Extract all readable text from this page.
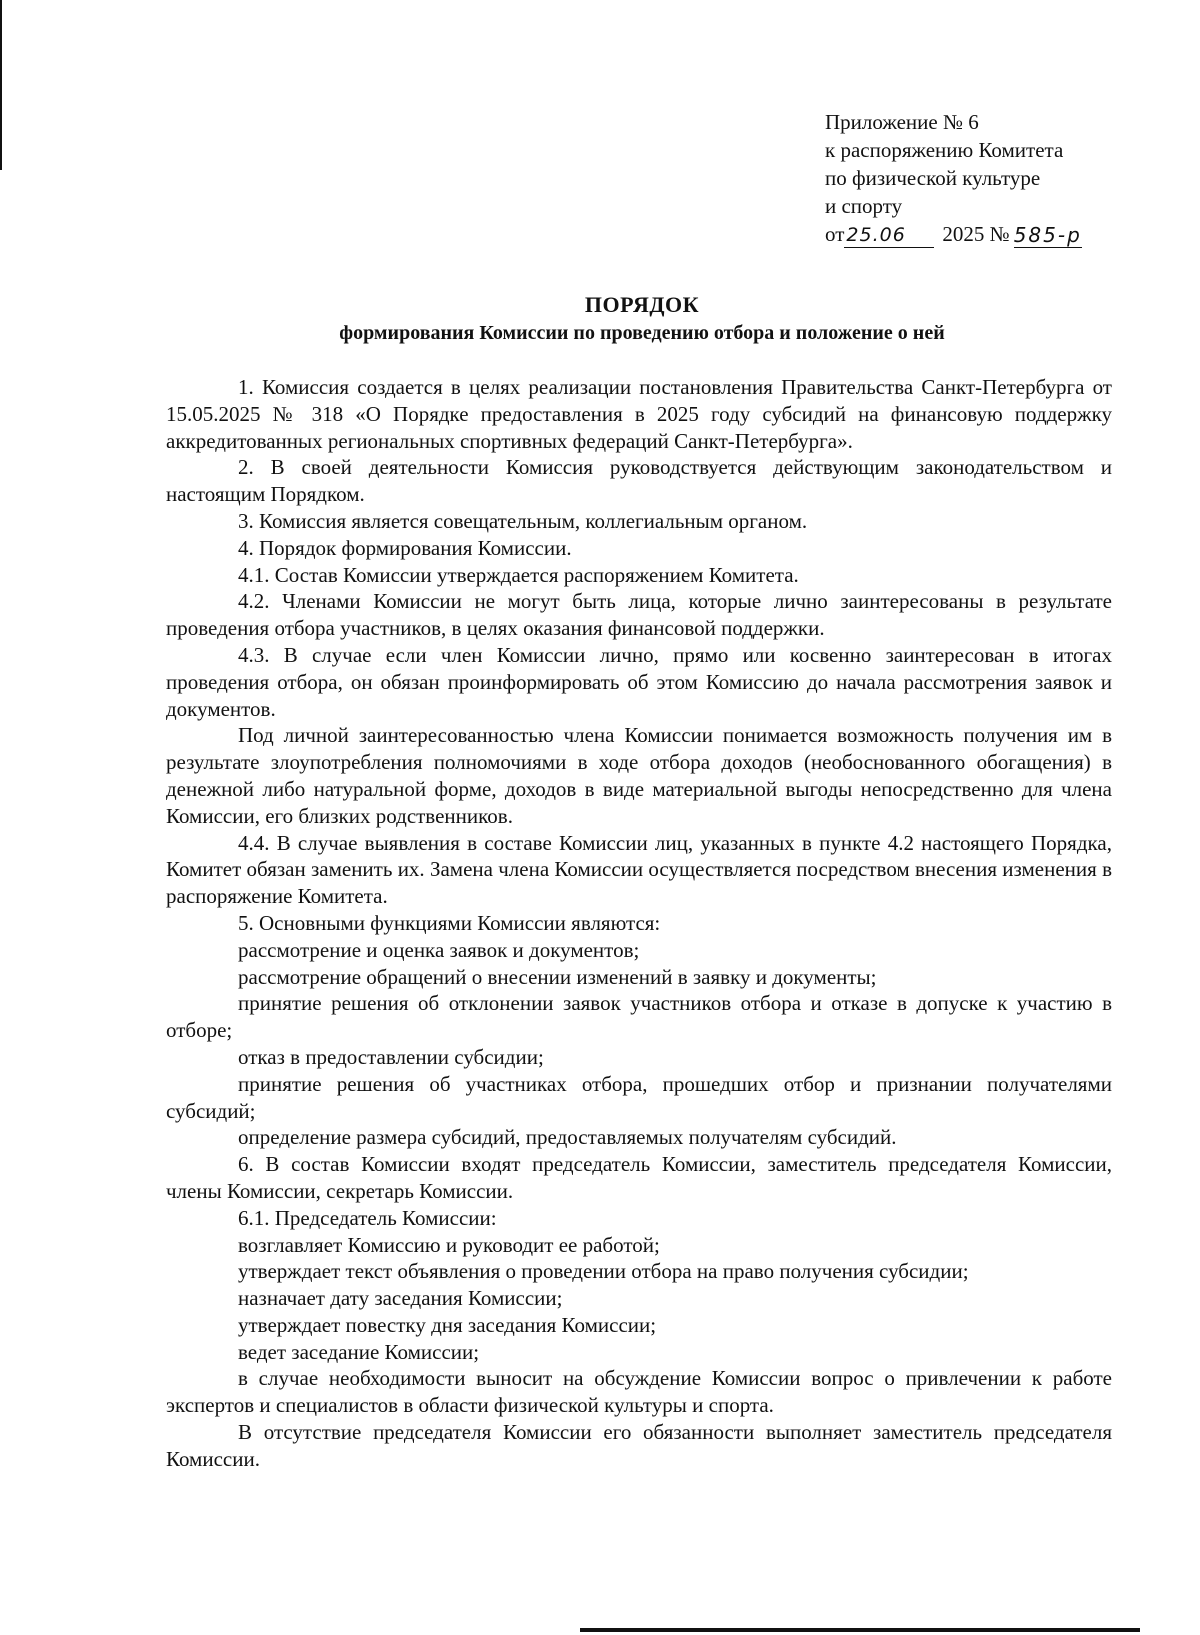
Приложение № 6
к распоряжению Комитета
по физической культуре
и спорту
от 25.06	2025 № 585-р
ПОРЯДОК
формирования Комиссии по проведению отбора и положение о ней

1. Комиссия создается в целях реализации постановления Правительства Санкт-Петербурга от 15.05.2025 № 318 «О Порядке предоставления в 2025 году субсидий на финансовую поддержку аккредитованных региональных спортивных федераций Санкт-Петербурга».

2. В своей деятельности Комиссия руководствуется действующим законодательством и настоящим Порядком.

3. Комиссия является совещательным, коллегиальным органом.

4. Порядок формирования Комиссии.

4.1. Состав Комиссии утверждается распоряжением Комитета.

4.2. Членами Комиссии не могут быть лица, которые лично заинтересованы в результате проведения отбора участников, в целях оказания финансовой поддержки.

4.3. В случае если член Комиссии лично, прямо или косвенно заинтересован в итогах проведения отбора, он обязан проинформировать об этом Комиссию до начала рассмотрения заявок и документов.

Под личной заинтересованностью члена Комиссии понимается возможность получения им в результате злоупотребления полномочиями в ходе отбора доходов (необоснованного обогащения) в денежной либо натуральной форме, доходов в виде материальной выгоды непосредственно для члена Комиссии, его близких родственников.

4.4. В случае выявления в составе Комиссии лиц, указанных в пункте 4.2 настоящего Порядка, Комитет обязан заменить их. Замена члена Комиссии осуществляется посредством внесения изменения в распоряжение Комитета.

5. Основными функциями Комиссии являются:

рассмотрение и оценка заявок и документов;

рассмотрение обращений о внесении изменений в заявку и документы;

принятие решения об отклонении заявок участников отбора и отказе в допуске к участию в отборе;

отказ в предоставлении субсидии;

принятие решения об участниках отбора, прошедших отбор и признании получателями субсидий;

определение размера субсидий, предоставляемых получателям субсидий.

6. В состав Комиссии входят председатель Комиссии, заместитель председателя Комиссии, члены Комиссии, секретарь Комиссии.

6.1. Председатель Комиссии:

возглавляет Комиссию и руководит ее работой;

утверждает текст объявления о проведении отбора на право получения субсидии;

назначает дату заседания Комиссии;

утверждает повестку дня заседания Комиссии;

ведет заседание Комиссии;

в случае необходимости выносит на обсуждение Комиссии вопрос о привлечении к работе экспертов и специалистов в области физической культуры и спорта.

В отсутствие председателя Комиссии его обязанности выполняет заместитель председателя Комиссии.
